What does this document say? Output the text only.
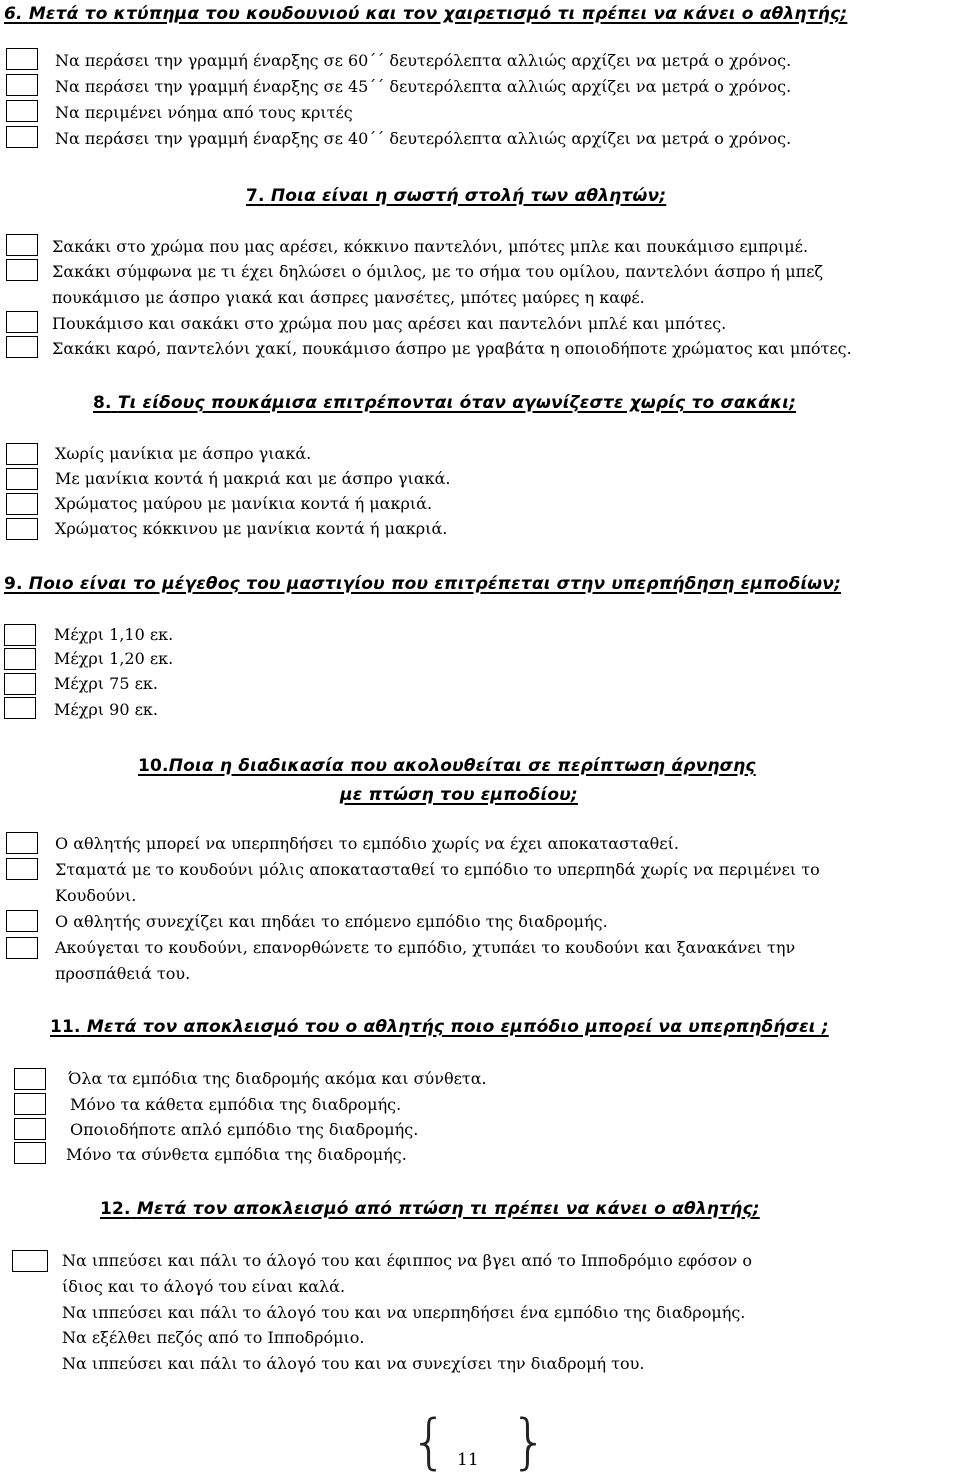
6. Μετά το κτύπημα του κουδουνιού και τον χαιρετισμό τι πρέπει να κάνει ο αθλητής;
Να περάσει την γραμμή έναρξης σε 60΄΄ δευτερόλεπτα αλλιώς αρχίζει να μετρά ο χρόνος.
Να περάσει την γραμμή έναρξης σε 45΄΄ δευτερόλεπτα αλλιώς αρχίζει να μετρά ο χρόνος.
Να περιμένει νόημα από τους κριτές
Να περάσει την γραμμή έναρξης σε 40΄΄ δευτερόλεπτα αλλιώς αρχίζει να μετρά ο χρόνος.
7. Ποια είναι η σωστή στολή των αθλητών;
Σακάκι στο χρώμα που μας αρέσει, κόκκινο παντελόνι, μπότες μπλε και πουκάμισο εμπριμέ.
Σακάκι σύμφωνα με τι έχει δηλώσει ο όμιλος, με το σήμα του ομίλου, παντελόνι άσπρο ή μπεζ
πουκάμισο με άσπρο γιακά και άσπρες μανσέτες, μπότες μαύρες η καφέ.
Πουκάμισο και σακάκι στο χρώμα που μας αρέσει και παντελόνι μπλέ και μπότες.
Σακάκι καρό, παντελόνι χακί, πουκάμισο άσπρο με γραβάτα η οποιοδήποτε χρώματος και μπότες.
8. Τι είδους πουκάμισα επιτρέπονται όταν αγωνίζεστε χωρίς το σακάκι;
Χωρίς μανίκια με άσπρο γιακά.
Με μανίκια κοντά ή μακριά και με άσπρο γιακά.
Χρώματος μαύρου με μανίκια κοντά ή μακριά.
Χρώματος κόκκινου με μανίκια κοντά ή μακριά.
9. Ποιο είναι το μέγεθος του μαστιγίου που επιτρέπεται στην υπερπήδηση εμποδίων;
Μέχρι 1,10 εκ.
Μέχρι 1,20 εκ.
Μέχρι 75 εκ.
Μέχρι 90 εκ.
10.Ποια η διαδικασία που ακολουθείται σε περίπτωση άρνησης
με πτώση του εμποδίου;
Ο αθλητής μπορεί να υπερπηδήσει το εμπόδιο χωρίς να έχει αποκατασταθεί.
Σταματά με το κουδούνι μόλις αποκατασταθεί το εμπόδιο το υπερπηδά χωρίς να περιμένει το
Κουδούνι.
Ο αθλητής συνεχίζει και πηδάει το επόμενο εμπόδιο της διαδρομής.
Ακούγεται το κουδούνι, επανορθώνετε το εμπόδιο, χτυπάει το κουδούνι και ξανακάνει την
προσπάθειά του.
11. Μετά τον αποκλεισμό του ο αθλητής ποιο εμπόδιο μπορεί να υπερπηδήσει ;
Όλα τα εμπόδια της διαδρομής ακόμα και σύνθετα.
Μόνο τα κάθετα εμπόδια της διαδρομής.
Οποιοδήποτε απλό εμπόδιο της διαδρομής.
Μόνο τα σύνθετα εμπόδια της διαδρομής.
12. Μετά τον αποκλεισμό από πτώση τι πρέπει να κάνει ο αθλητής;
Να ιππεύσει και πάλι το άλογό του και έφιππος να βγει από το Ιπποδρόμιο εφόσον ο
ίδιος και το άλογό του είναι καλά.
Να ιππεύσει και πάλι το άλογό του και να υπερπηδήσει ένα εμπόδιο της διαδρομής.
Να εξέλθει πεζός από το Ιπποδρόμιο.
Να ιππεύσει και πάλι το άλογό του και να συνεχίσει την διαδρομή του.
{ 11 }
